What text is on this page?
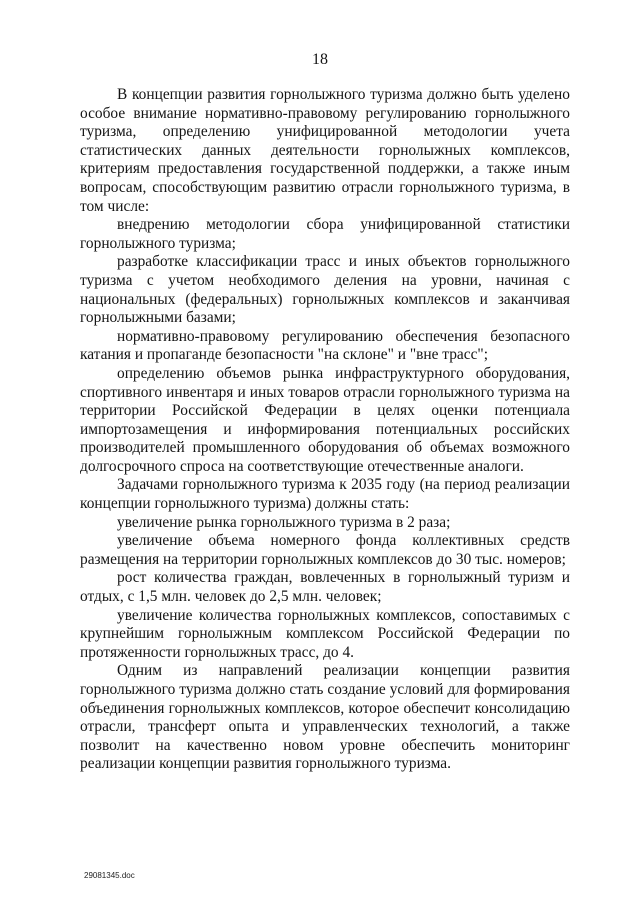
18

В концепции развития горнолыжного туризма должно быть уделено особое внимание нормативно-правовому регулированию горнолыжного туризма, определению унифицированной методологии учета статистических данных деятельности горнолыжных комплексов, критериям предоставления государственной поддержки, а также иным вопросам, способствующим развитию отрасли горнолыжного туризма, в том числе:

внедрению методологии сбора унифицированной статистики горнолыжного туризма;

разработке классификации трасс и иных объектов горнолыжного туризма с учетом необходимого деления на уровни, начиная с национальных (федеральных) горнолыжных комплексов и заканчивая горнолыжными базами;

нормативно-правовому регулированию обеспечения безопасного катания и пропаганде безопасности "на склоне" и "вне трасс";

определению объемов рынка инфраструктурного оборудования, спортивного инвентаря и иных товаров отрасли горнолыжного туризма на территории Российской Федерации в целях оценки потенциала импортозамещения и информирования потенциальных российских производителей промышленного оборудования об объемах возможного долгосрочного спроса на соответствующие отечественные аналоги.

Задачами горнолыжного туризма к 2035 году (на период реализации концепции горнолыжного туризма) должны стать:

увеличение рынка горнолыжного туризма в 2 раза;

увеличение объема номерного фонда коллективных средств размещения на территории горнолыжных комплексов до 30 тыс. номеров;

рост количества граждан, вовлеченных в горнолыжный туризм и отдых, с 1,5 млн. человек до 2,5 млн. человек;

увеличение количества горнолыжных комплексов, сопоставимых с крупнейшим горнолыжным комплексом Российской Федерации по протяженности горнолыжных трасс, до 4.

Одним из направлений реализации концепции развития горнолыжного туризма должно стать создание условий для формирования объединения горнолыжных комплексов, которое обеспечит консолидацию отрасли, трансферт опыта и управленческих технологий, а также позволит на качественно новом уровне обеспечить мониторинг реализации концепции развития горнолыжного туризма.

29081345.doc
